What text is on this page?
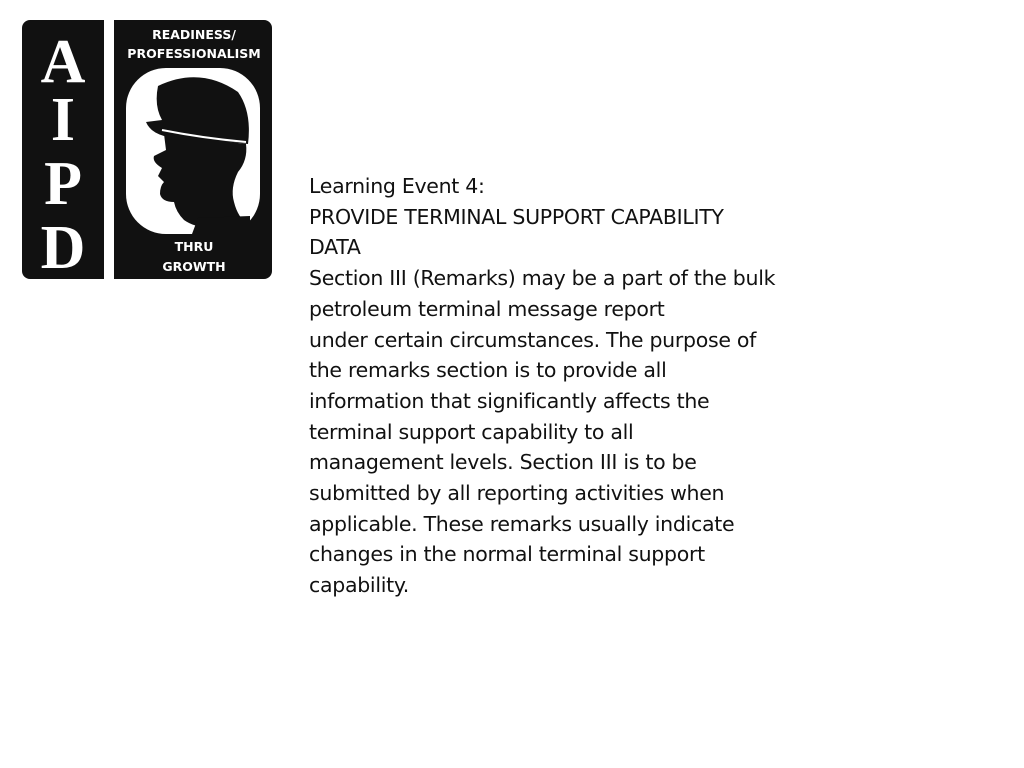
A
I
P
D
READINESS/
PROFESSIONALISM
THRU
GROWTH
Learning Event 4:
PROVIDE TERMINAL SUPPORT CAPABILITY
DATA
Section III (Remarks) may be a part of the bulk
petroleum terminal message report
under certain circumstances. The purpose of
the remarks section is to provide all
information that significantly affects the
terminal support capability to all
management levels. Section III is to be
submitted by all reporting activities when
applicable. These remarks usually indicate
changes in the normal terminal support
capability.
